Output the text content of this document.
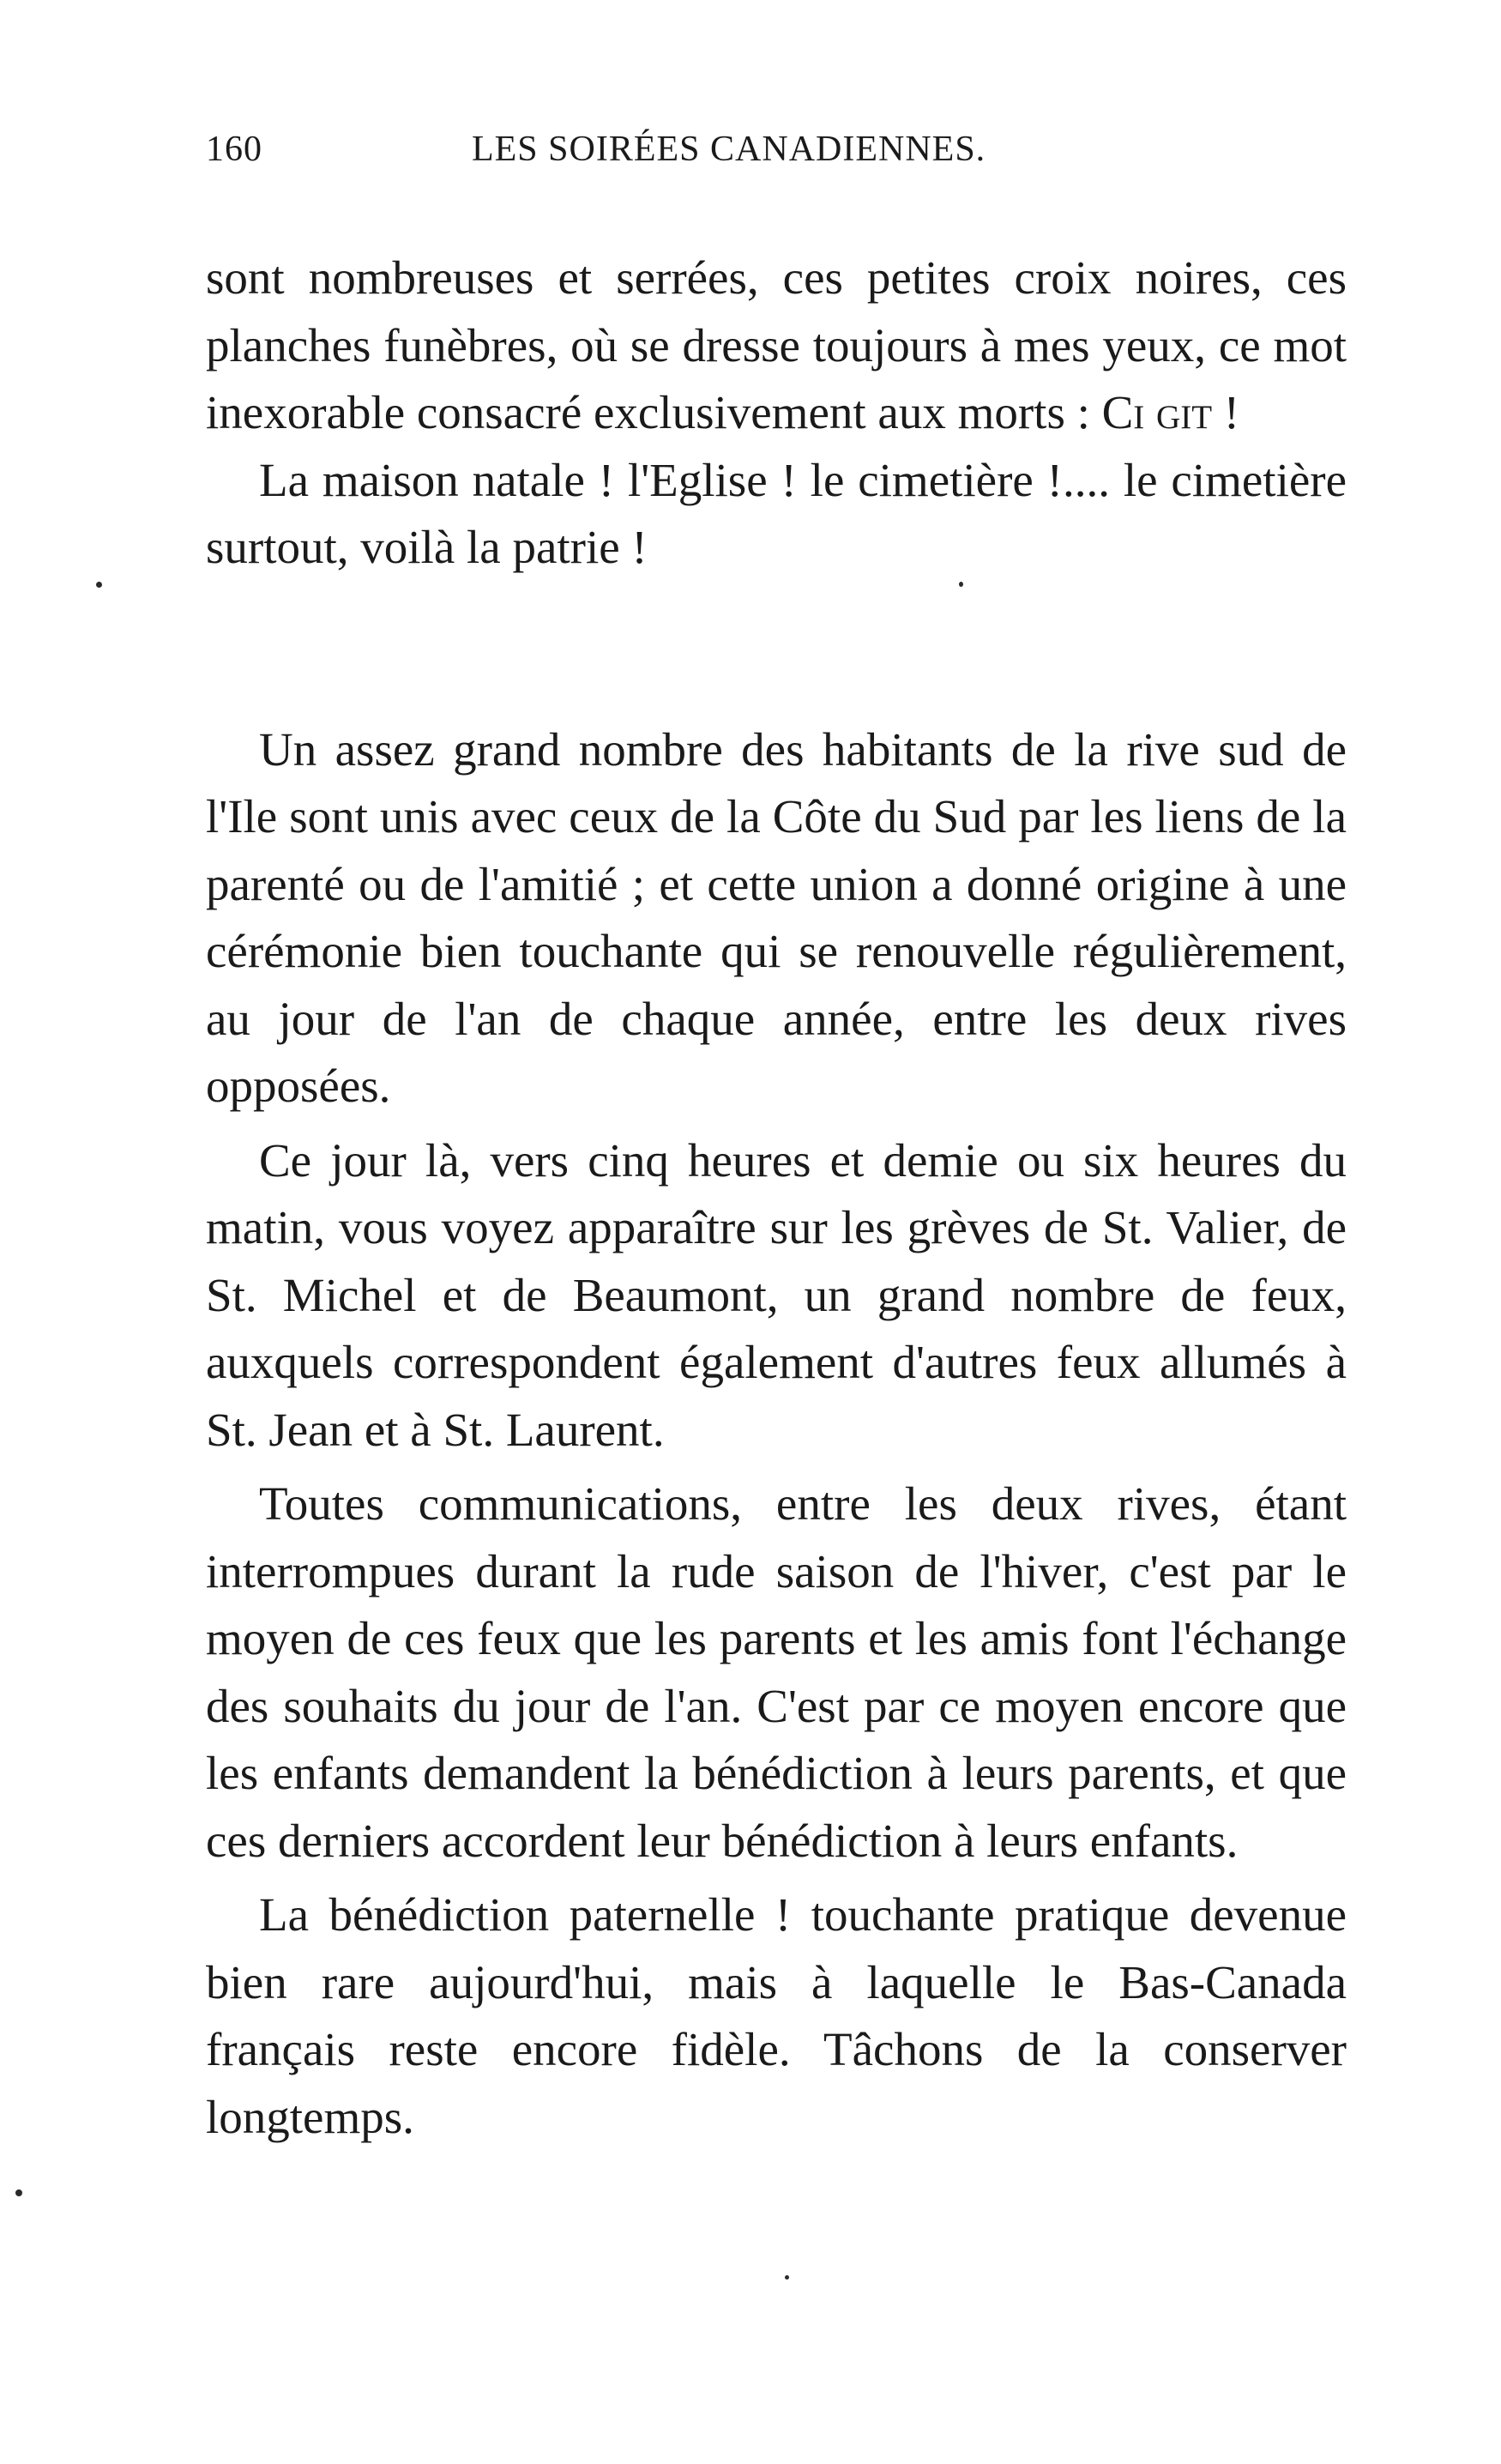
160	LES SOIRÉES CANADIENNES.

sont nombreuses et serrées, ces petites croix noires, ces planches funèbres, où se dresse toujours à mes yeux, ce mot inexorable consacré exclusivement aux morts : Ci git !

La maison natale ! l'Eglise ! le cimetière !.... le cimetière surtout, voilà la patrie !

Un assez grand nombre des habitants de la rive sud de l'Ile sont unis avec ceux de la Côte du Sud par les liens de la parenté ou de l'amitié ; et cette union a donné origine à une cérémonie bien touchante qui se renouvelle régulièrement, au jour de l'an de chaque année, entre les deux rives opposées.

Ce jour là, vers cinq heures et demie ou six heures du matin, vous voyez apparaître sur les grèves de St. Valier, de St. Michel et de Beaumont, un grand nombre de feux, auxquels correspondent également d'autres feux allumés à St. Jean et à St. Laurent.

Toutes communications, entre les deux rives, étant interrompues durant la rude saison de l'hiver, c'est par le moyen de ces feux que les parents et les amis font l'échange des souhaits du jour de l'an. C'est par ce moyen encore que les enfants demandent la bénédiction à leurs parents, et que ces derniers accordent leur bénédiction à leurs enfants.

La bénédiction paternelle ! touchante pratique devenue bien rare aujourd'hui, mais à laquelle le Bas-Canada français reste encore fidèle. Tâchons de la conserver longtemps.
